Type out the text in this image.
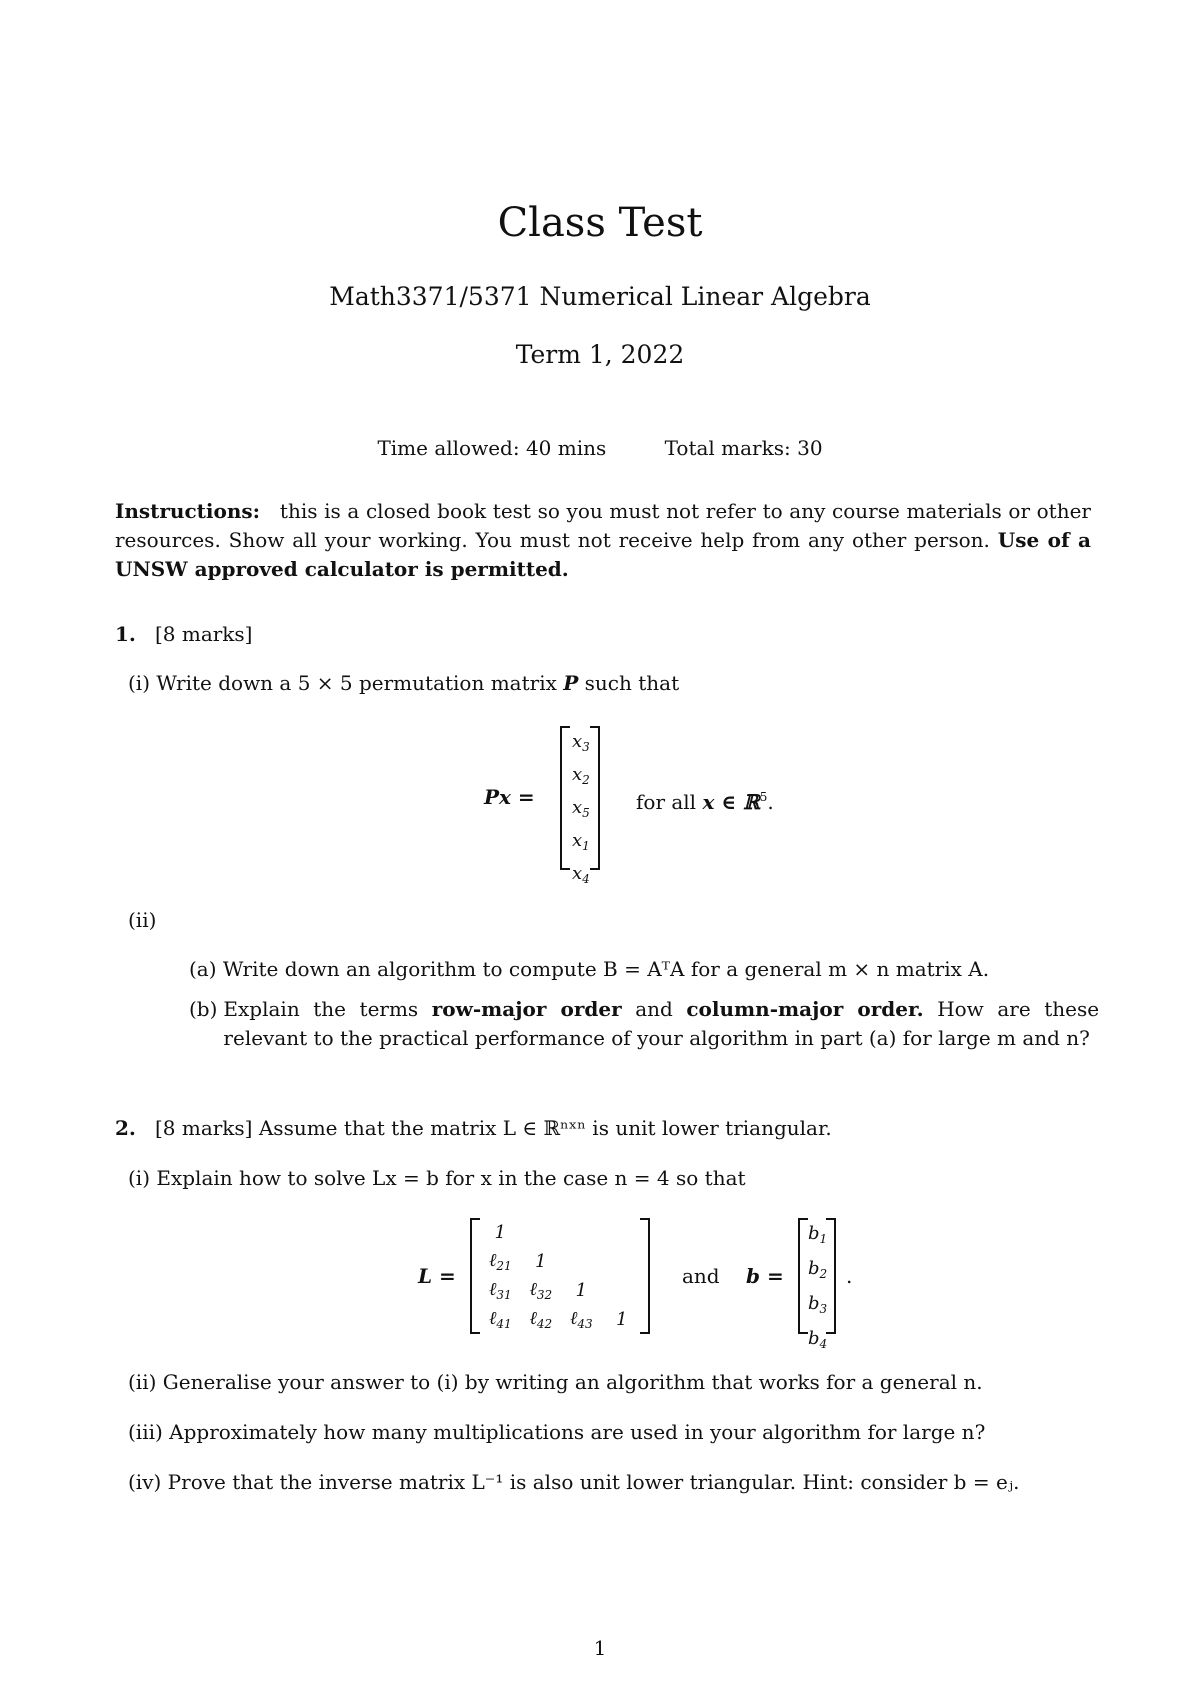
Class Test
Math3371/5371 Numerical Linear Algebra
Term 1, 2022
Time allowed: 40 mins	Total marks: 30
Instructions: this is a closed book test so you must not refer to any course materials or other resources. Show all your working. You must not receive help from any other person. Use of a UNSW approved calculator is permitted.
1. [8 marks]
(i) Write down a 5 × 5 permutation matrix P such that
Px =
$x_3$
$x_2$
$x_5$
$x_1$
$x_4$
for all x ∈ ℝ$^5$.
(ii)
(a) Write down an algorithm to compute B = AᵀA for a general m × n matrix A.
(b) Explain the terms row-major order and column-major order. How are these relevant to the practical performance of your algorithm in part (a) for large m and n?
2. [8 marks] Assume that the matrix L ∈ ℝⁿˣⁿ is unit lower triangular.
(i) Explain how to solve Lx = b for x in the case n = 4 so that
L =
1
ℓ$_{21}$	1
ℓ$_{31}$ ℓ$_{32}$	1
ℓ$_{41}$ ℓ$_{42}$ ℓ$_{43}$	1
and b =
$b_1$
$b_2$
$b_3$
$b_4$
.
(ii) Generalise your answer to (i) by writing an algorithm that works for a general n.
(iii) Approximately how many multiplications are used in your algorithm for large n?
(iv) Prove that the inverse matrix L⁻¹ is also unit lower triangular. Hint: consider b = eⱼ.
1
